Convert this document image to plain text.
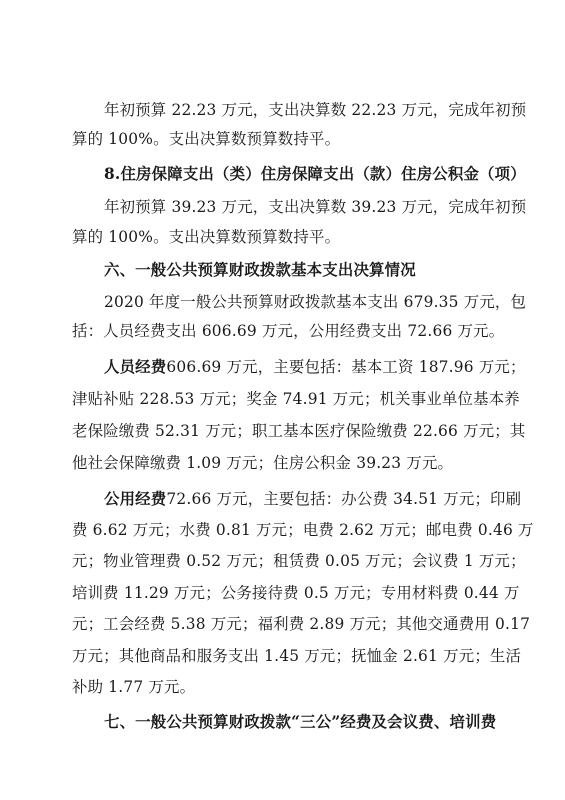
年初预算 22.23 万元，支出决算数 22.23 万元，完成年初预
算的 100%。支出决算数预算数持平。
8.住房保障支出（类）住房保障支出（款）住房公积金（项）
年初预算 39.23 万元，支出决算数 39.23 万元，完成年初预
算的 100%。支出决算数预算数持平。
六、一般公共预算财政拨款基本支出决算情况
2020 年度一般公共预算财政拨款基本支出 679.35 万元，包
括：人员经费支出 606.69 万元，公用经费支出 72.66 万元。
人员经费606.69 万元，主要包括：基本工资 187.96 万元；
津贴补贴 228.53 万元；奖金 74.91 万元；机关事业单位基本养
老保险缴费 52.31 万元；职工基本医疗保险缴费 22.66 万元；其
他社会保障缴费 1.09 万元；住房公积金 39.23 万元。
公用经费72.66 万元，主要包括：办公费 34.51 万元；印刷
费 6.62 万元；水费 0.81 万元；电费 2.62 万元；邮电费 0.46 万
元；物业管理费 0.52 万元；租赁费 0.05 万元；会议费 1 万元；
培训费 11.29 万元；公务接待费 0.5 万元；专用材料费 0.44 万
元；工会经费 5.38 万元；福利费 2.89 万元；其他交通费用 0.17
万元；其他商品和服务支出 1.45 万元；抚恤金 2.61 万元；生活
补助 1.77 万元。
七、一般公共预算财政拨款“三公”经费及会议费、培训费
